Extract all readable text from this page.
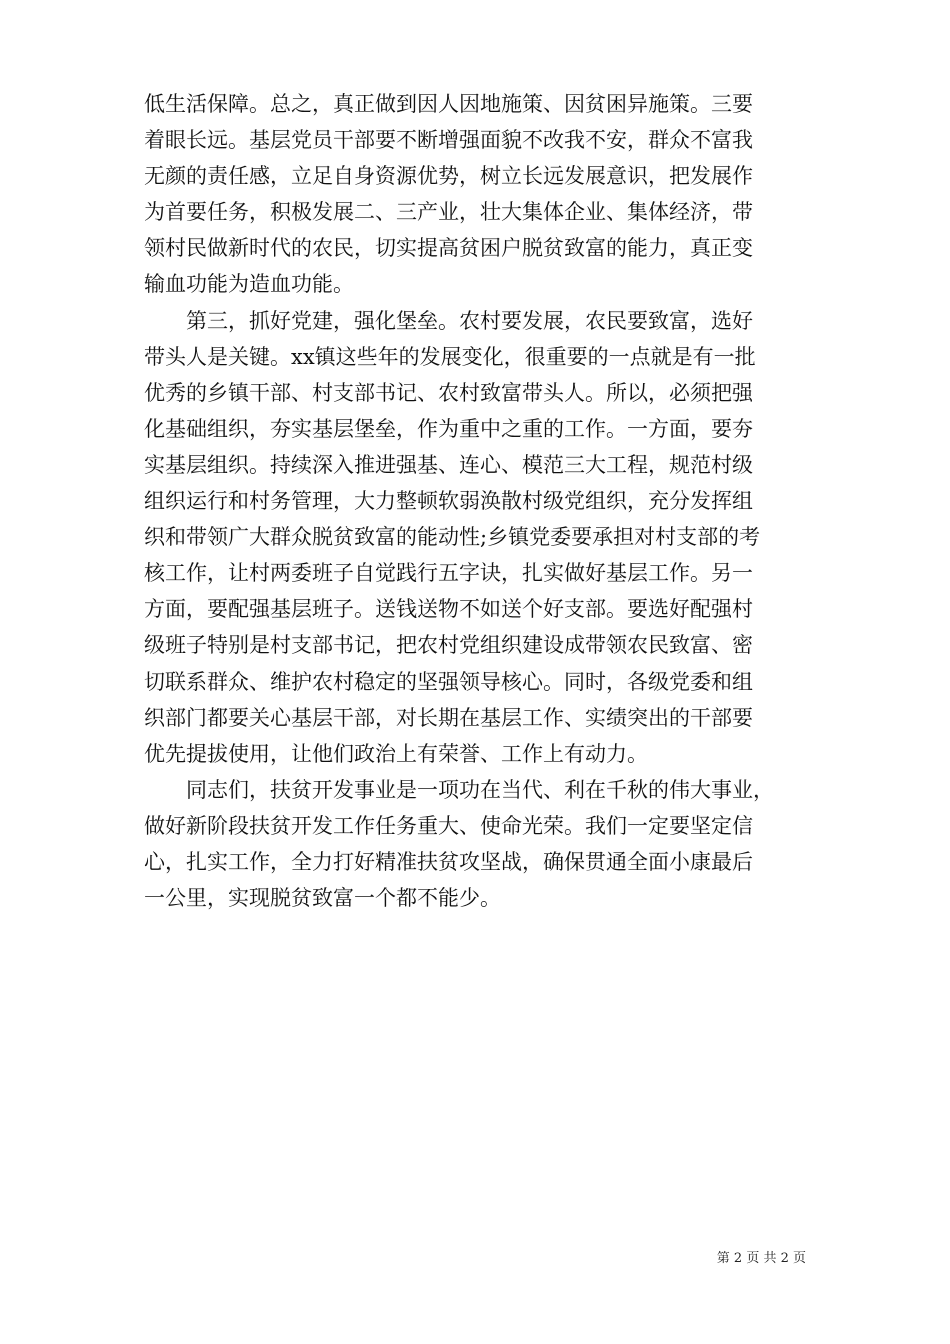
低生活保障。总之，真正做到因人因地施策、因贫困异施策。三要
着眼长远。基层党员干部要不断增强面貌不改我不安，群众不富我
无颜的责任感，立足自身资源优势，树立长远发展意识，把发展作
为首要任务，积极发展二、三产业，壮大集体企业、集体经济，带
领村民做新时代的农民，切实提高贫困户脱贫致富的能力，真正变
输血功能为造血功能。
第三，抓好党建，强化堡垒。农村要发展，农民要致富，选好
带头人是关键。xx镇这些年的发展变化，很重要的一点就是有一批
优秀的乡镇干部、村支部书记、农村致富带头人。所以，必须把强
化基础组织，夯实基层堡垒，作为重中之重的工作。一方面，要夯
实基层组织。持续深入推进强基、连心、模范三大工程，规范村级
组织运行和村务管理，大力整顿软弱涣散村级党组织，充分发挥组
织和带领广大群众脱贫致富的能动性;乡镇党委要承担对村支部的考
核工作，让村两委班子自觉践行五字诀，扎实做好基层工作。另一
方面，要配强基层班子。送钱送物不如送个好支部。要选好配强村
级班子特别是村支部书记，把农村党组织建设成带领农民致富、密
切联系群众、维护农村稳定的坚强领导核心。同时，各级党委和组
织部门都要关心基层干部，对长期在基层工作、实绩突出的干部要
优先提拔使用，让他们政治上有荣誉、工作上有动力。
同志们，扶贫开发事业是一项功在当代、利在千秋的伟大事业，
做好新阶段扶贫开发工作任务重大、使命光荣。我们一定要坚定信
心，扎实工作，全力打好精准扶贫攻坚战，确保贯通全面小康最后
一公里，实现脱贫致富一个都不能少。
第 2 页 共 2 页
